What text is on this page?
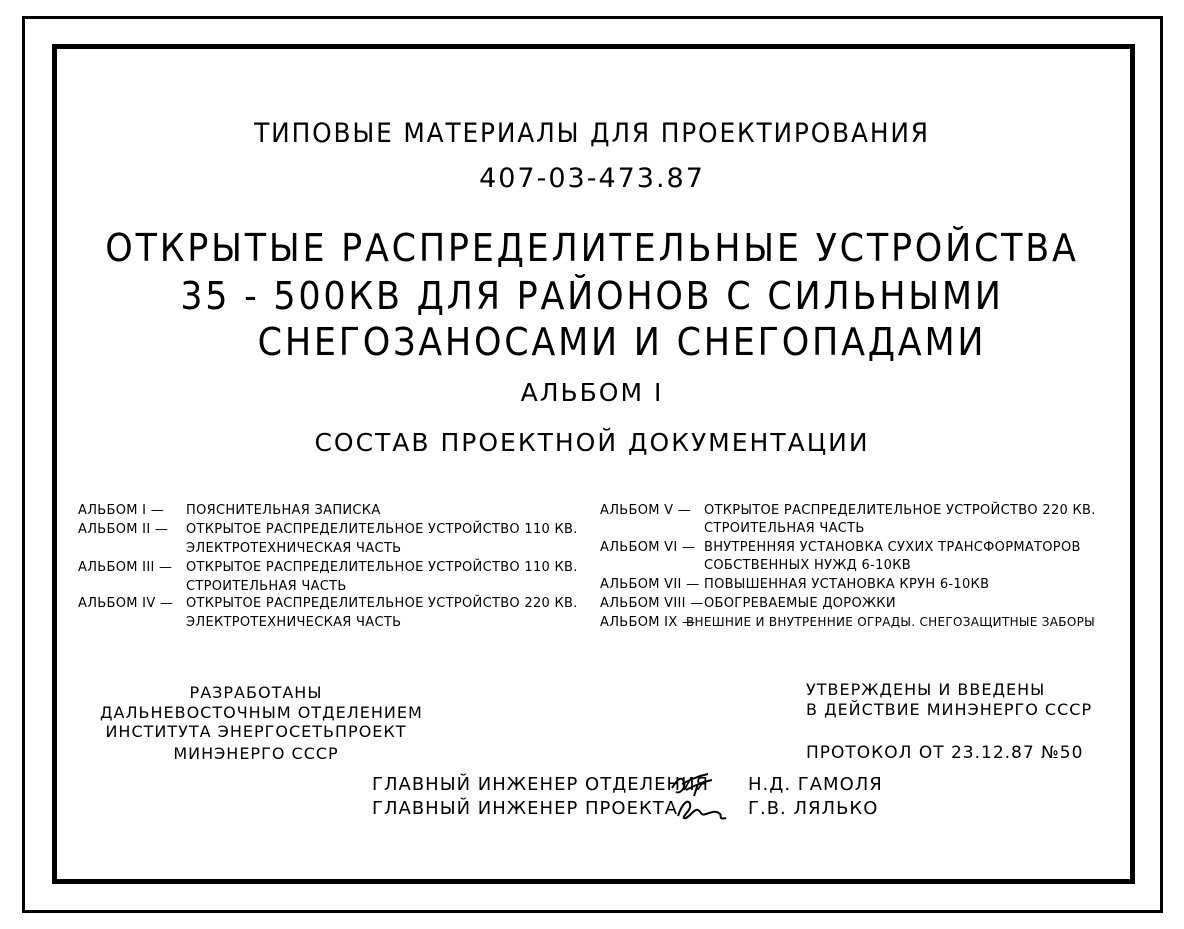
ТИПОВЫЕ МАТЕРИАЛЫ ДЛЯ ПРОЕКТИРОВАНИЯ
407-03-473.87
ОТКРЫТЫЕ РАСПРЕДЕЛИТЕЛЬНЫЕ УСТРОЙСТВА
35 - 500КВ ДЛЯ РАЙОНОВ С СИЛЬНЫМИ
СНЕГОЗАНОСАМИ И СНЕГОПАДАМИ
АЛЬБОМ I
СОСТАВ ПРОЕКТНОЙ ДОКУМЕНТАЦИИ
АЛЬБОМ I — ПОЯСНИТЕЛЬНАЯ ЗАПИСКА
АЛЬБОМ II — ОТКРЫТОЕ РАСПРЕДЕЛИТЕЛЬНОЕ УСТРОЙСТВО 110 КВ.
ЭЛЕКТРОТЕХНИЧЕСКАЯ ЧАСТЬ
АЛЬБОМ III — ОТКРЫТОЕ РАСПРЕДЕЛИТЕЛЬНОЕ УСТРОЙСТВО 110 КВ.
СТРОИТЕЛЬНАЯ ЧАСТЬ
АЛЬБОМ IV — ОТКРЫТОЕ РАСПРЕДЕЛИТЕЛЬНОЕ УСТРОЙСТВО 220 КВ.
ЭЛЕКТРОТЕХНИЧЕСКАЯ ЧАСТЬ
АЛЬБОМ V — ОТКРЫТОЕ РАСПРЕДЕЛИТЕЛЬНОЕ УСТРОЙСТВО 220 КВ.
СТРОИТЕЛЬНАЯ ЧАСТЬ
АЛЬБОМ VI — ВНУТРЕННЯЯ УСТАНОВКА СУХИХ ТРАНСФОРМАТОРОВ
СОБСТВЕННЫХ НУЖД 6-10КВ
АЛЬБОМ VII — ПОВЫШЕННАЯ УСТАНОВКА КРУН 6-10КВ
АЛЬБОМ VIII — ОБОГРЕВАЕМЫЕ ДОРОЖКИ
АЛЬБОМ IX —
ВНЕШНИЕ И ВНУТРЕННИЕ ОГРАДЫ. СНЕГОЗАЩИТНЫЕ ЗАБОРЫ
РАЗРАБОТАНЫ
ДАЛЬНЕВОСТОЧНЫМ ОТДЕЛЕНИЕМ
ИНСТИТУТА ЭНЕРГОСЕТЬПРОЕКТ
МИНЭНЕРГО СССР
УТВЕРЖДЕНЫ И ВВЕДЕНЫ
В ДЕЙСТВИЕ МИНЭНЕРГО СССР
ПРОТОКОЛ ОТ 23.12.87 №50
ГЛАВНЫЙ ИНЖЕНЕР ОТДЕЛЕНИЯ Н.Д. ГАМОЛЯ
ГЛАВНЫЙ ИНЖЕНЕР ПРОЕКТА	Г.В. ЛЯЛЬКО
